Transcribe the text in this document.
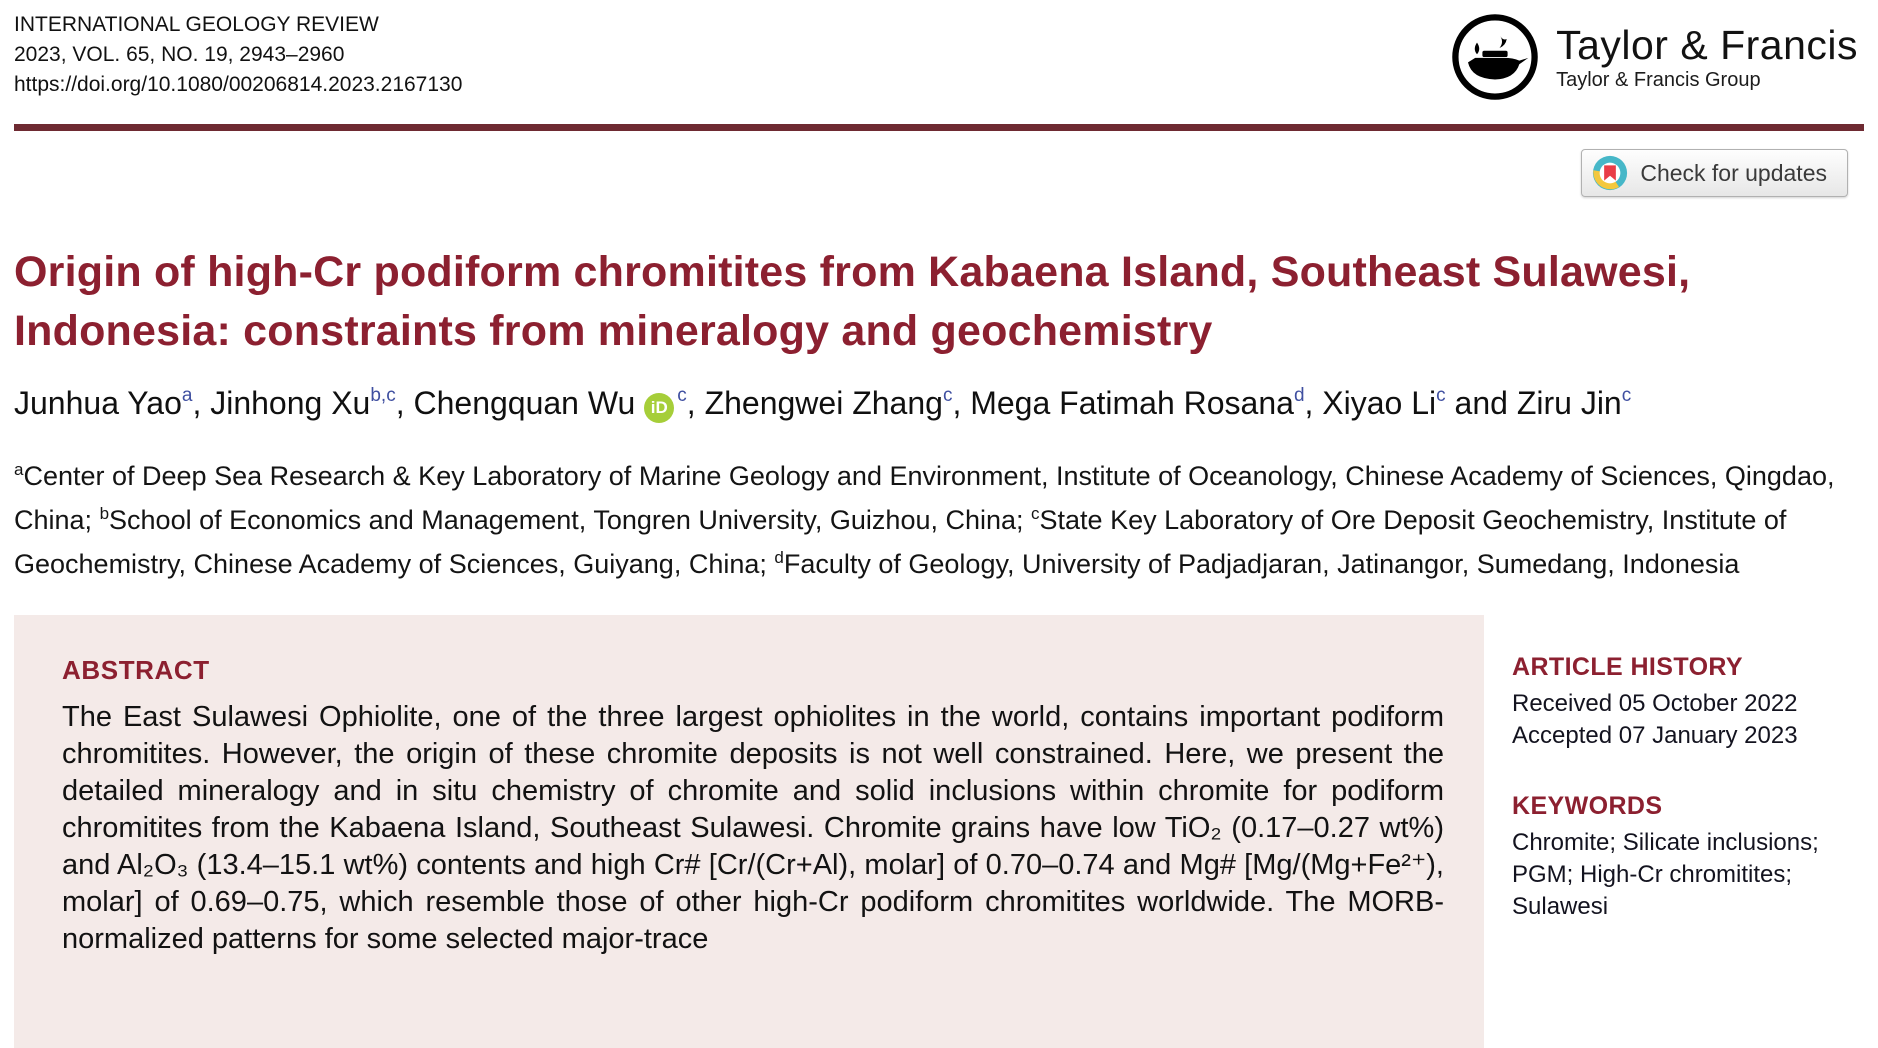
INTERNATIONAL GEOLOGY REVIEW
2023, VOL. 65, NO. 19, 2943–2960
https://doi.org/10.1080/00206814.2023.2167130
Taylor & Francis
Taylor & Francis Group
Check for updates
Origin of high-Cr podiform chromitites from Kabaena Island, Southeast Sulawesi,
Indonesia: constraints from mineralogy and geochemistry
Junhua Yao$^a$, Jinhong Xu$^{b,c}$, Chengquan Wu $iD^c$, Zhengwei Zhang$^c$, Mega Fatimah Rosana$^d$, Xiyao Li$^c$ and Ziru Jin$^c$
$^a$Center of Deep Sea Research & Key Laboratory of Marine Geology and Environment, Institute of Oceanology, Chinese Academy of Sciences, Qingdao, China; $^b$School of Economics and Management, Tongren University, Guizhou, China; $^c$State Key Laboratory of Ore Deposit Geochemistry, Institute of Geochemistry, Chinese Academy of Sciences, Guiyang, China; $^d$Faculty of Geology, University of Padjadjaran, Jatinangor, Sumedang, Indonesia
ABSTRACT
The East Sulawesi Ophiolite, one of the three largest ophiolites in the world, contains important podiform chromitites. However, the origin of these chromite deposits is not well constrained. Here, we present the detailed mineralogy and in situ chemistry of chromite and solid inclusions within chromite for podiform chromitites from the Kabaena Island, Southeast Sulawesi. Chromite grains have low TiO₂ (0.17–0.27 wt%) and Al₂O₃ (13.4–15.1 wt%) contents and high Cr# [Cr/(Cr+Al), molar] of 0.70–0.74 and Mg# [Mg/(Mg+Fe²⁺), molar] of 0.69–0.75, which resemble those of other high-Cr podiform chromitites worldwide. The MORB-normalized patterns for some selected major-trace
ARTICLE HISTORY
Received 05 October 2022
Accepted 07 January 2023
KEYWORDS
Chromite; Silicate inclusions; PGM; High-Cr chromitites; Sulawesi
